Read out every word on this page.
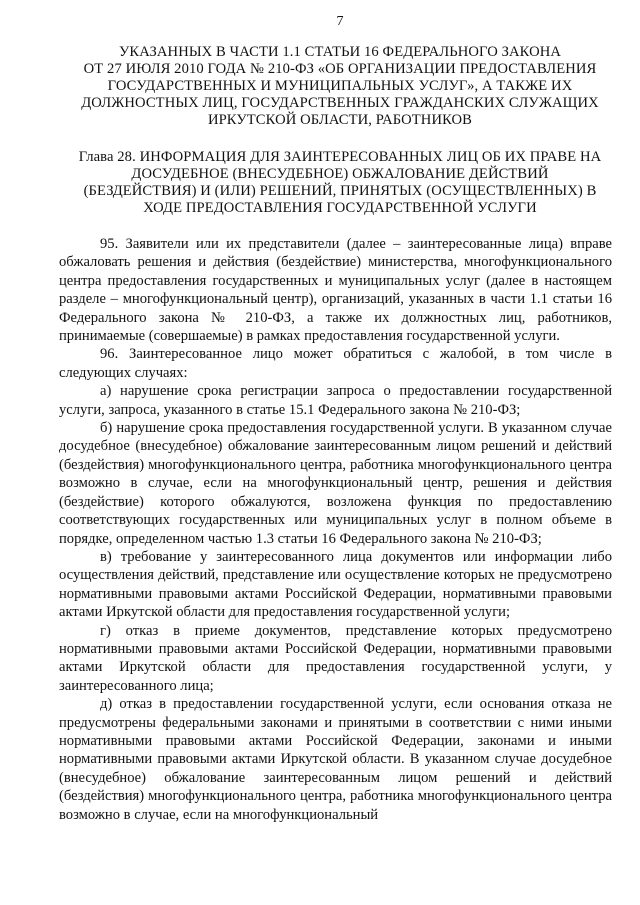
7
УКАЗАННЫХ В ЧАСТИ 1.1 СТАТЬИ 16 ФЕДЕРАЛЬНОГО ЗАКОНА
ОТ 27 ИЮЛЯ 2010 ГОДА № 210-ФЗ «ОБ ОРГАНИЗАЦИИ ПРЕДОСТАВЛЕНИЯ
ГОСУДАРСТВЕННЫХ И МУНИЦИПАЛЬНЫХ УСЛУГ», А ТАКЖЕ ИХ
ДОЛЖНОСТНЫХ ЛИЦ, ГОСУДАРСТВЕННЫХ ГРАЖДАНСКИХ СЛУЖАЩИХ
ИРКУТСКОЙ ОБЛАСТИ, РАБОТНИКОВ
Глава 28. ИНФОРМАЦИЯ ДЛЯ ЗАИНТЕРЕСОВАННЫХ ЛИЦ ОБ ИХ ПРАВЕ НА
ДОСУДЕБНОЕ (ВНЕСУДЕБНОЕ) ОБЖАЛОВАНИЕ ДЕЙСТВИЙ
(БЕЗДЕЙСТВИЯ) И (ИЛИ) РЕШЕНИЙ, ПРИНЯТЫХ (ОСУЩЕСТВЛЕННЫХ) В
ХОДЕ ПРЕДОСТАВЛЕНИЯ ГОСУДАРСТВЕННОЙ УСЛУГИ

95. Заявители или их представители (далее – заинтересованные лица) вправе обжаловать решения и действия (бездействие) министерства, многофункционального центра предоставления государственных и муниципальных услуг (далее в настоящем разделе – многофункциональный центр), организаций, указанных в части 1.1 статьи 16 Федерального закона № 210-ФЗ, а также их должностных лиц, работников, принимаемые (совершаемые) в рамках предоставления государственной услуги.

96. Заинтересованное лицо может обратиться с жалобой, в том числе в следующих случаях:

а) нарушение срока регистрации запроса о предоставлении государственной услуги, запроса, указанного в статье 15.1 Федерального закона № 210-ФЗ;

б) нарушение срока предоставления государственной услуги. В указанном случае досудебное (внесудебное) обжалование заинтересованным лицом решений и действий (бездействия) многофункционального центра, работника многофункционального центра возможно в случае, если на многофункциональный центр, решения и действия (бездействие) которого обжалуются, возложена функция по предоставлению соответствующих государственных или муниципальных услуг в полном объеме в порядке, определенном частью 1.3 статьи 16 Федерального закона № 210-ФЗ;

в) требование у заинтересованного лица документов или информации либо осуществления действий, представление или осуществление которых не предусмотрено нормативными правовыми актами Российской Федерации, нормативными правовыми актами Иркутской области для предоставления государственной услуги;

г) отказ в приеме документов, представление которых предусмотрено нормативными правовыми актами Российской Федерации, нормативными правовыми актами Иркутской области для предоставления государственной услуги, у заинтересованного лица;

д) отказ в предоставлении государственной услуги, если основания отказа не предусмотрены федеральными законами и принятыми в соответствии с ними иными нормативными правовыми актами Российской Федерации, законами и иными нормативными правовыми актами Иркутской области. В указанном случае досудебное (внесудебное) обжалование заинтересованным лицом решений и действий (бездействия) многофункционального центра, работника многофункционального центра возможно в случае, если на многофункциональный
